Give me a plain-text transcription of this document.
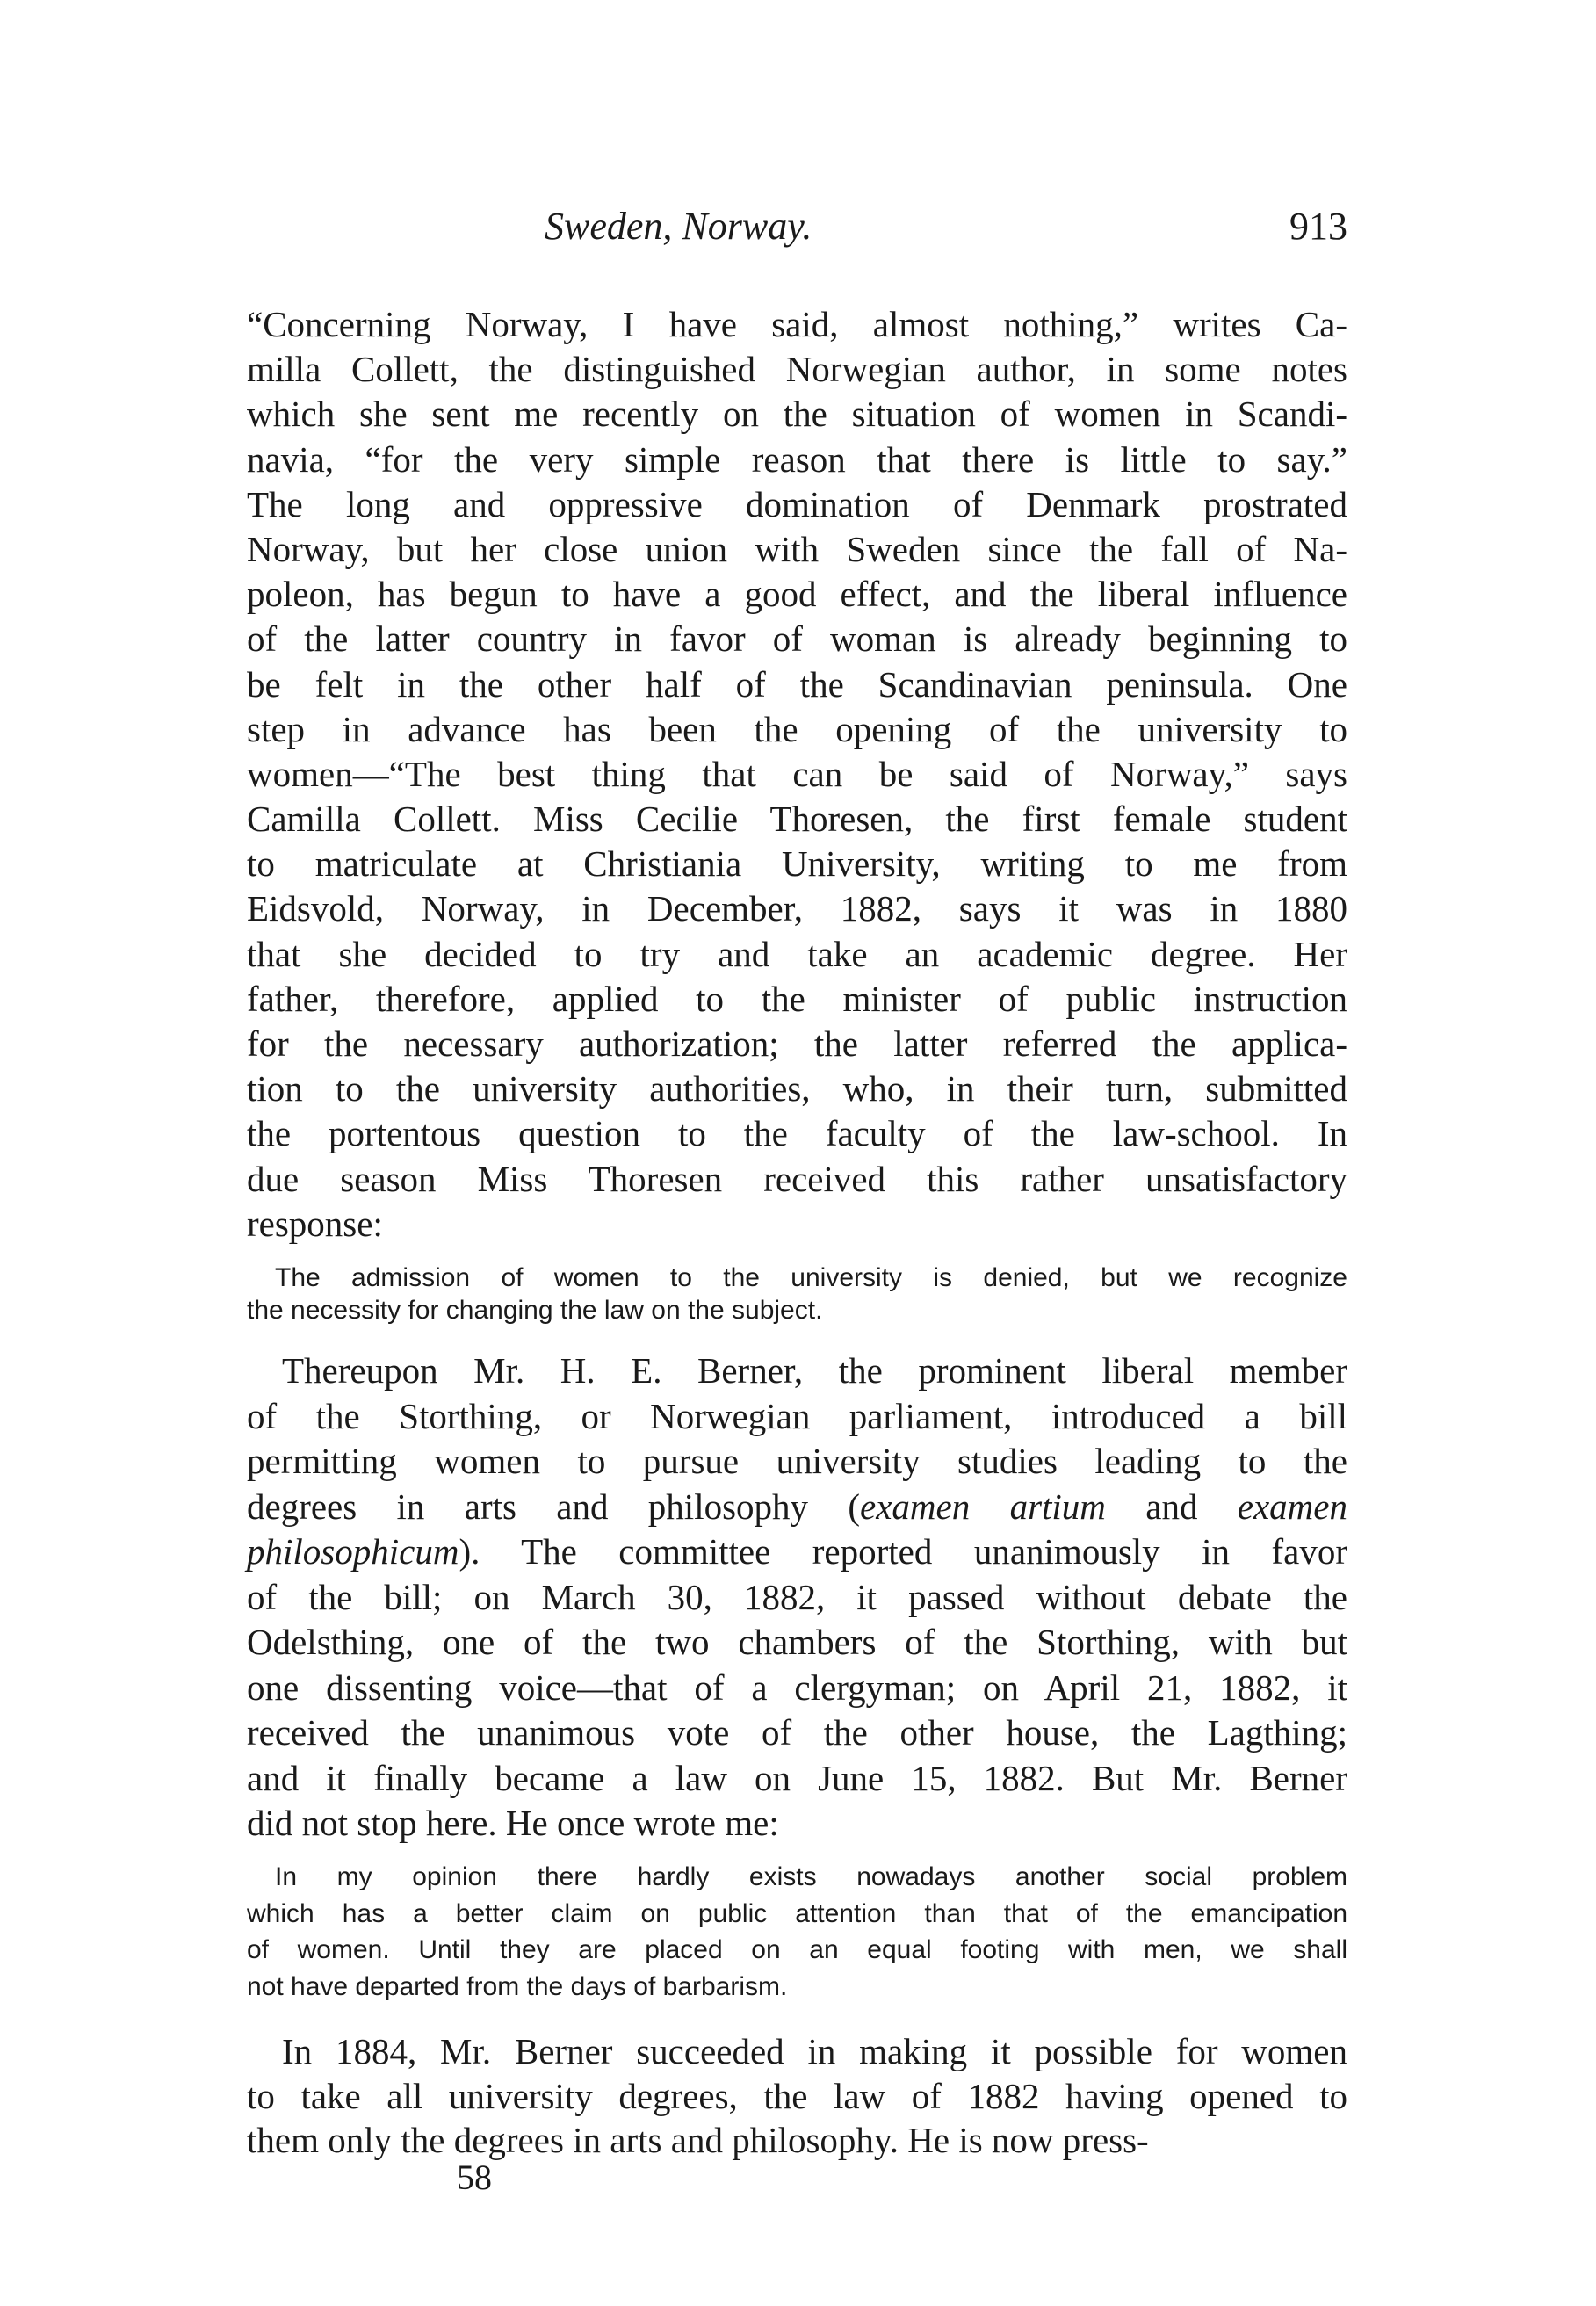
Sweden, Norway.	913
“Concerning Norway, I have said, almost nothing,” writes Ca-
milla Collett, the distinguished Norwegian author, in some notes
which she sent me recently on the situation of women in Scandi-
navia, “for the very simple reason that there is little to say.”
The long and oppressive domination of Denmark prostrated
Norway, but her close union with Sweden since the fall of Na-
poleon, has begun to have a good effect, and the liberal influence
of the latter country in favor of woman is already beginning to
be felt in the other half of the Scandinavian peninsula. One
step in advance has been the opening of the university to
women—“The best thing that can be said of Norway,” says
Camilla Collett. Miss Cecilie Thoresen, the first female student
to matriculate at Christiania University, writing to me from
Eidsvold, Norway, in December, 1882, says it was in 1880
that she decided to try and take an academic degree. Her
father, therefore, applied to the minister of public instruction
for the necessary authorization; the latter referred the applica-
tion to the university authorities, who, in their turn, submitted
the portentous question to the faculty of the law-school. In
due season Miss Thoresen received this rather unsatisfactory
response:
The admission of women to the university is denied, but we recognize
the necessity for changing the law on the subject.
Thereupon Mr. H. E. Berner, the prominent liberal member
of the Storthing, or Norwegian parliament, introduced a bill
permitting women to pursue university studies leading to the
degrees in arts and philosophy (examen artium and examen
philosophicum). The committee reported unanimously in favor
of the bill; on March 30, 1882, it passed without debate the
Odelsthing, one of the two chambers of the Storthing, with but
one dissenting voice—that of a clergyman; on April 21, 1882, it
received the unanimous vote of the other house, the Lagthing;
and it finally became a law on June 15, 1882. But Mr. Berner
did not stop here. He once wrote me:
In my opinion there hardly exists nowadays another social problem
which has a better claim on public attention than that of the emancipation
of women. Until they are placed on an equal footing with men, we shall
not have departed from the days of barbarism.
In 1884, Mr. Berner succeeded in making it possible for women
to take all university degrees, the law of 1882 having opened to
them only the degrees in arts and philosophy. He is now press-
58
